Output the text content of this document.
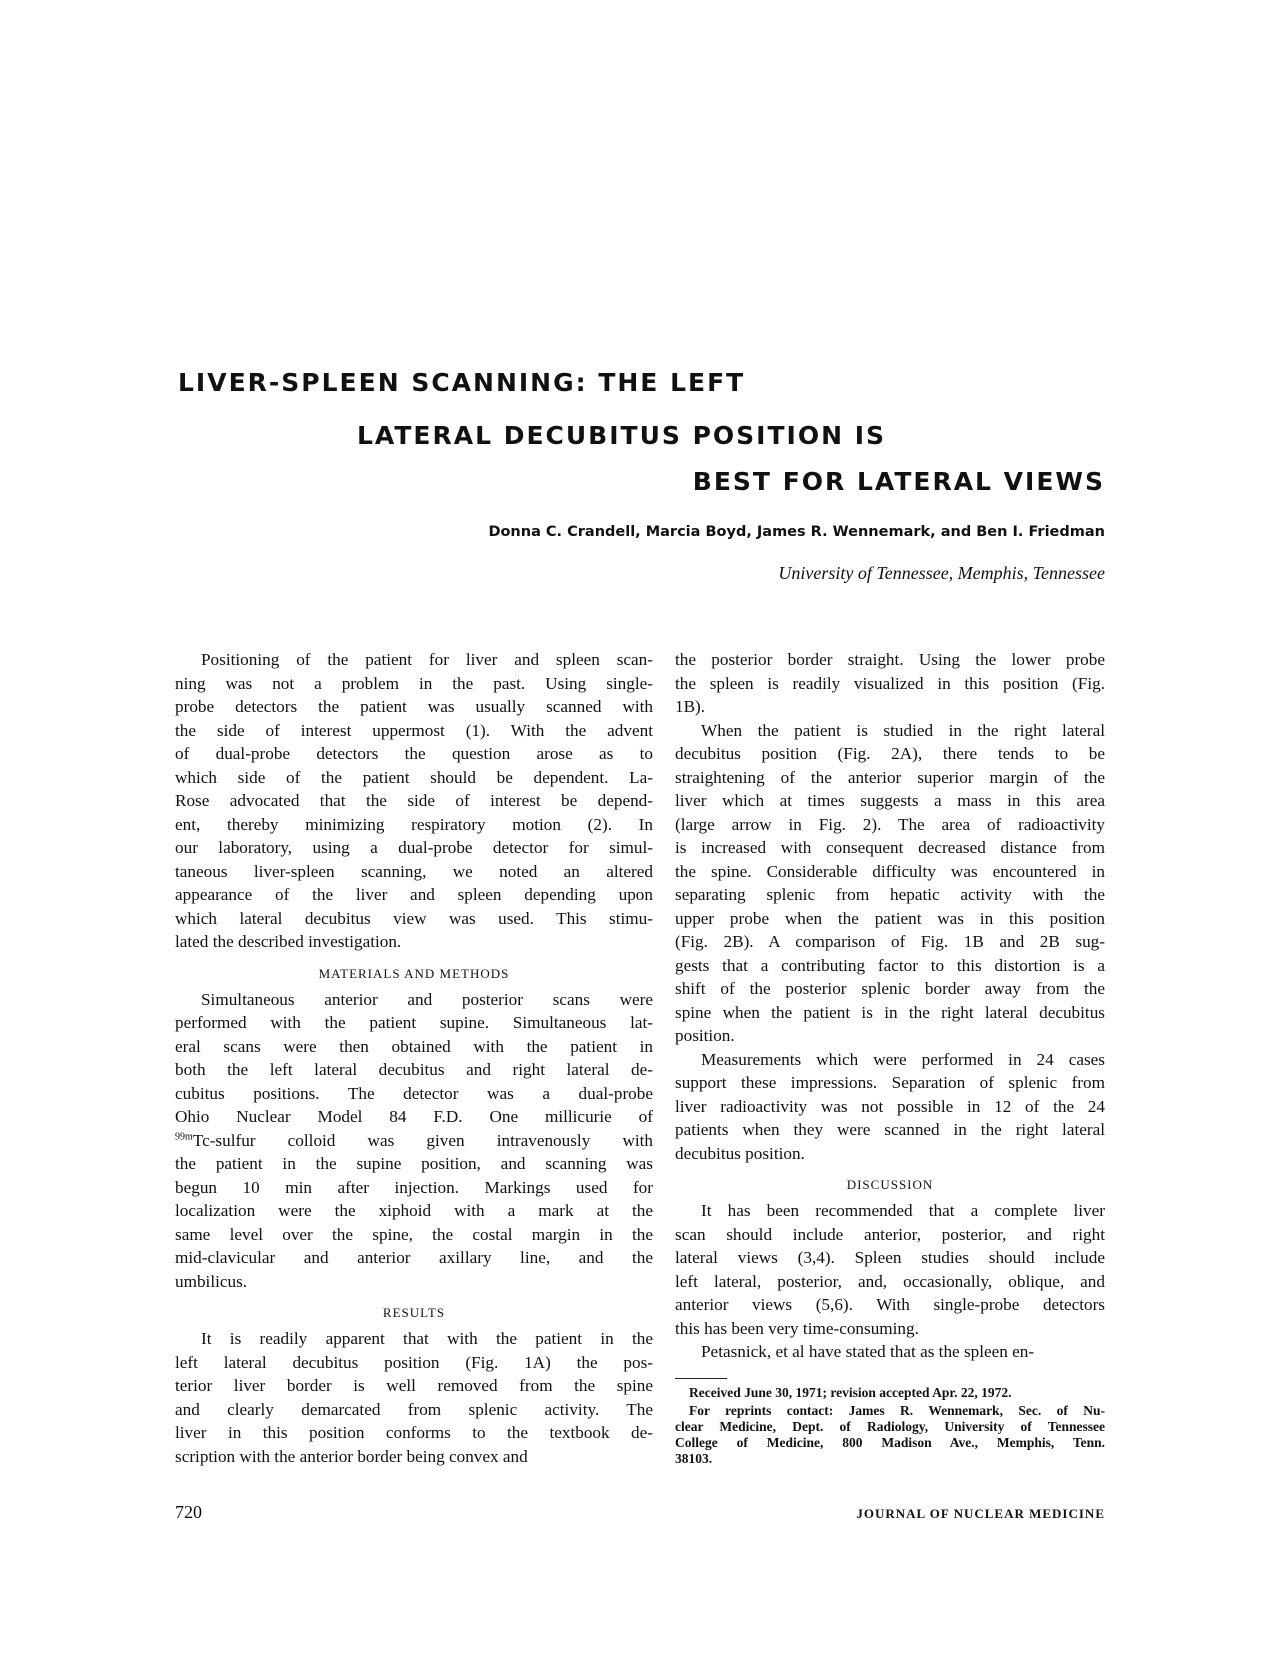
LIVER-SPLEEN SCANNING: THE LEFT
LATERAL DECUBITUS POSITION IS
BEST FOR LATERAL VIEWS
Donna C. Crandell, Marcia Boyd, James R. Wennemark, and Ben I. Friedman
University of Tennessee, Memphis, Tennessee
Positioning of the patient for liver and spleen scan-
ning was not a problem in the past. Using single-
probe detectors the patient was usually scanned with
the side of interest uppermost (1). With the advent
of dual-probe detectors the question arose as to
which side of the patient should be dependent. La-
Rose advocated that the side of interest be depend-
ent, thereby minimizing respiratory motion (2). In
our laboratory, using a dual-probe detector for simul-
taneous liver-spleen scanning, we noted an altered
appearance of the liver and spleen depending upon
which lateral decubitus view was used. This stimu-
lated the described investigation.
MATERIALS AND METHODS
Simultaneous anterior and posterior scans were
performed with the patient supine. Simultaneous lat-
eral scans were then obtained with the patient in
both the left lateral decubitus and right lateral de-
cubitus positions. The detector was a dual-probe
Ohio Nuclear Model 84 F.D. One millicurie of
$^{99m}$Tc-sulfur colloid was given intravenously with
the patient in the supine position, and scanning was
begun 10 min after injection. Markings used for
localization were the xiphoid with a mark at the
same level over the spine, the costal margin in the
mid-clavicular and anterior axillary line, and the
umbilicus.
RESULTS
It is readily apparent that with the patient in the
left lateral decubitus position (Fig. 1A) the pos-
terior liver border is well removed from the spine
and clearly demarcated from splenic activity. The
liver in this position conforms to the textbook de-
scription with the anterior border being convex and
the posterior border straight. Using the lower probe
the spleen is readily visualized in this position (Fig.
1B).
When the patient is studied in the right lateral
decubitus position (Fig. 2A), there tends to be
straightening of the anterior superior margin of the
liver which at times suggests a mass in this area
(large arrow in Fig. 2). The area of radioactivity
is increased with consequent decreased distance from
the spine. Considerable difficulty was encountered in
separating splenic from hepatic activity with the
upper probe when the patient was in this position
(Fig. 2B). A comparison of Fig. 1B and 2B sug-
gests that a contributing factor to this distortion is a
shift of the posterior splenic border away from the
spine when the patient is in the right lateral decubitus
position.
Measurements which were performed in 24 cases
support these impressions. Separation of splenic from
liver radioactivity was not possible in 12 of the 24
patients when they were scanned in the right lateral
decubitus position.
DISCUSSION
It has been recommended that a complete liver
scan should include anterior, posterior, and right
lateral views (3,4). Spleen studies should include
left lateral, posterior, and, occasionally, oblique, and
anterior views (5,6). With single-probe detectors
this has been very time-consuming.
Petasnick, et al have stated that as the spleen en-
Received June 30, 1971; revision accepted Apr. 22, 1972.
For reprints contact: James R. Wennemark, Sec. of Nu-
clear Medicine, Dept. of Radiology, University of Tennessee
College of Medicine, 800 Madison Ave., Memphis, Tenn.
38103.
720	JOURNAL OF NUCLEAR MEDICINE
